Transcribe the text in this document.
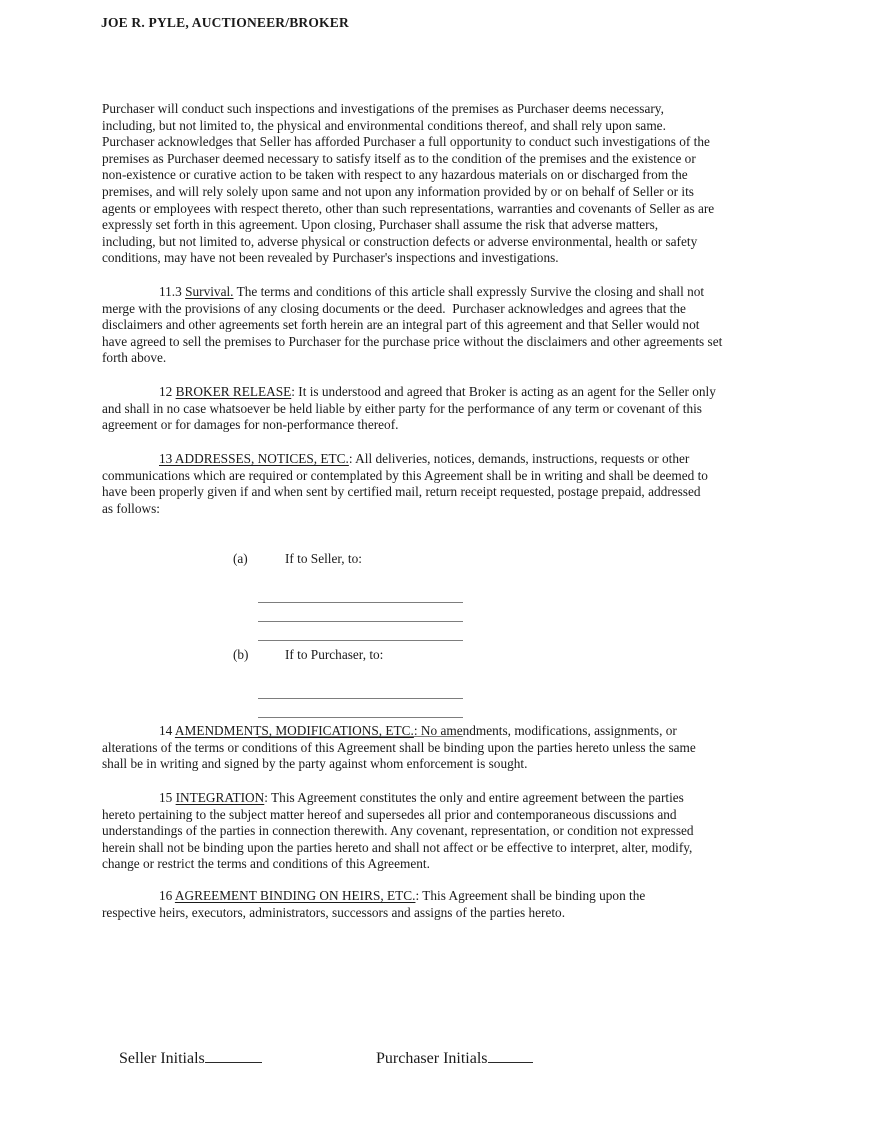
JOE R. PYLE, AUCTIONEER/BROKER
Purchaser will conduct such inspections and investigations of the premises as Purchaser deems necessary,
including, but not limited to, the physical and environmental conditions thereof, and shall rely upon same.
Purchaser acknowledges that Seller has afforded Purchaser a full opportunity to conduct such investigations of the
premises as Purchaser deemed necessary to satisfy itself as to the condition of the premises and the existence or
non-existence or curative action to be taken with respect to any hazardous materials on or discharged from the
premises, and will rely solely upon same and not upon any information provided by or on behalf of Seller or its
agents or employees with respect thereto, other than such representations, warranties and covenants of Seller as are
expressly set forth in this agreement. Upon closing, Purchaser shall assume the risk that adverse matters,
including, but not limited to, adverse physical or construction defects or adverse environmental, health or safety
conditions, may have not been revealed by Purchaser's inspections and investigations.
11.3 Survival. The terms and conditions of this article shall expressly Survive the closing and shall not
merge with the provisions of any closing documents or the deed.  Purchaser acknowledges and agrees that the
disclaimers and other agreements set forth herein are an integral part of this agreement and that Seller would not
have agreed to sell the premises to Purchaser for the purchase price without the disclaimers and other agreements set
forth above.
12 BROKER RELEASE: It is understood and agreed that Broker is acting as an agent for the Seller only
and shall in no case whatsoever be held liable by either party for the performance of any term or covenant of this
agreement or for damages for non-performance thereof.
13 ADDRESSES, NOTICES, ETC.: All deliveries, notices, demands, instructions, requests or other
communications which are required or contemplated by this Agreement shall be in writing and shall be deemed to
have been properly given if and when sent by certified mail, return receipt requested, postage prepaid, addressed
as follows:

(a)	If to Seller, to:

(b)	If to Purchaser, to:

14 AMENDMENTS, MODIFICATIONS, ETC.: No amendments, modifications, assignments, or
alterations of the terms or conditions of this Agreement shall be binding upon the parties hereto unless the same
shall be in writing and signed by the party against whom enforcement is sought.
15 INTEGRATION: This Agreement constitutes the only and entire agreement between the parties
hereto pertaining to the subject matter hereof and supersedes all prior and contemporaneous discussions and
understandings of the parties in connection therewith. Any covenant, representation, or condition not expressed
herein shall not be binding upon the parties hereto and shall not affect or be effective to interpret, alter, modify,
change or restrict the terms and conditions of this Agreement.
16 AGREEMENT BINDING ON HEIRS, ETC.: This Agreement shall be binding upon the
respective heirs, executors, administrators, successors and assigns of the parties hereto.

Seller Initials
	Purchaser Initials
